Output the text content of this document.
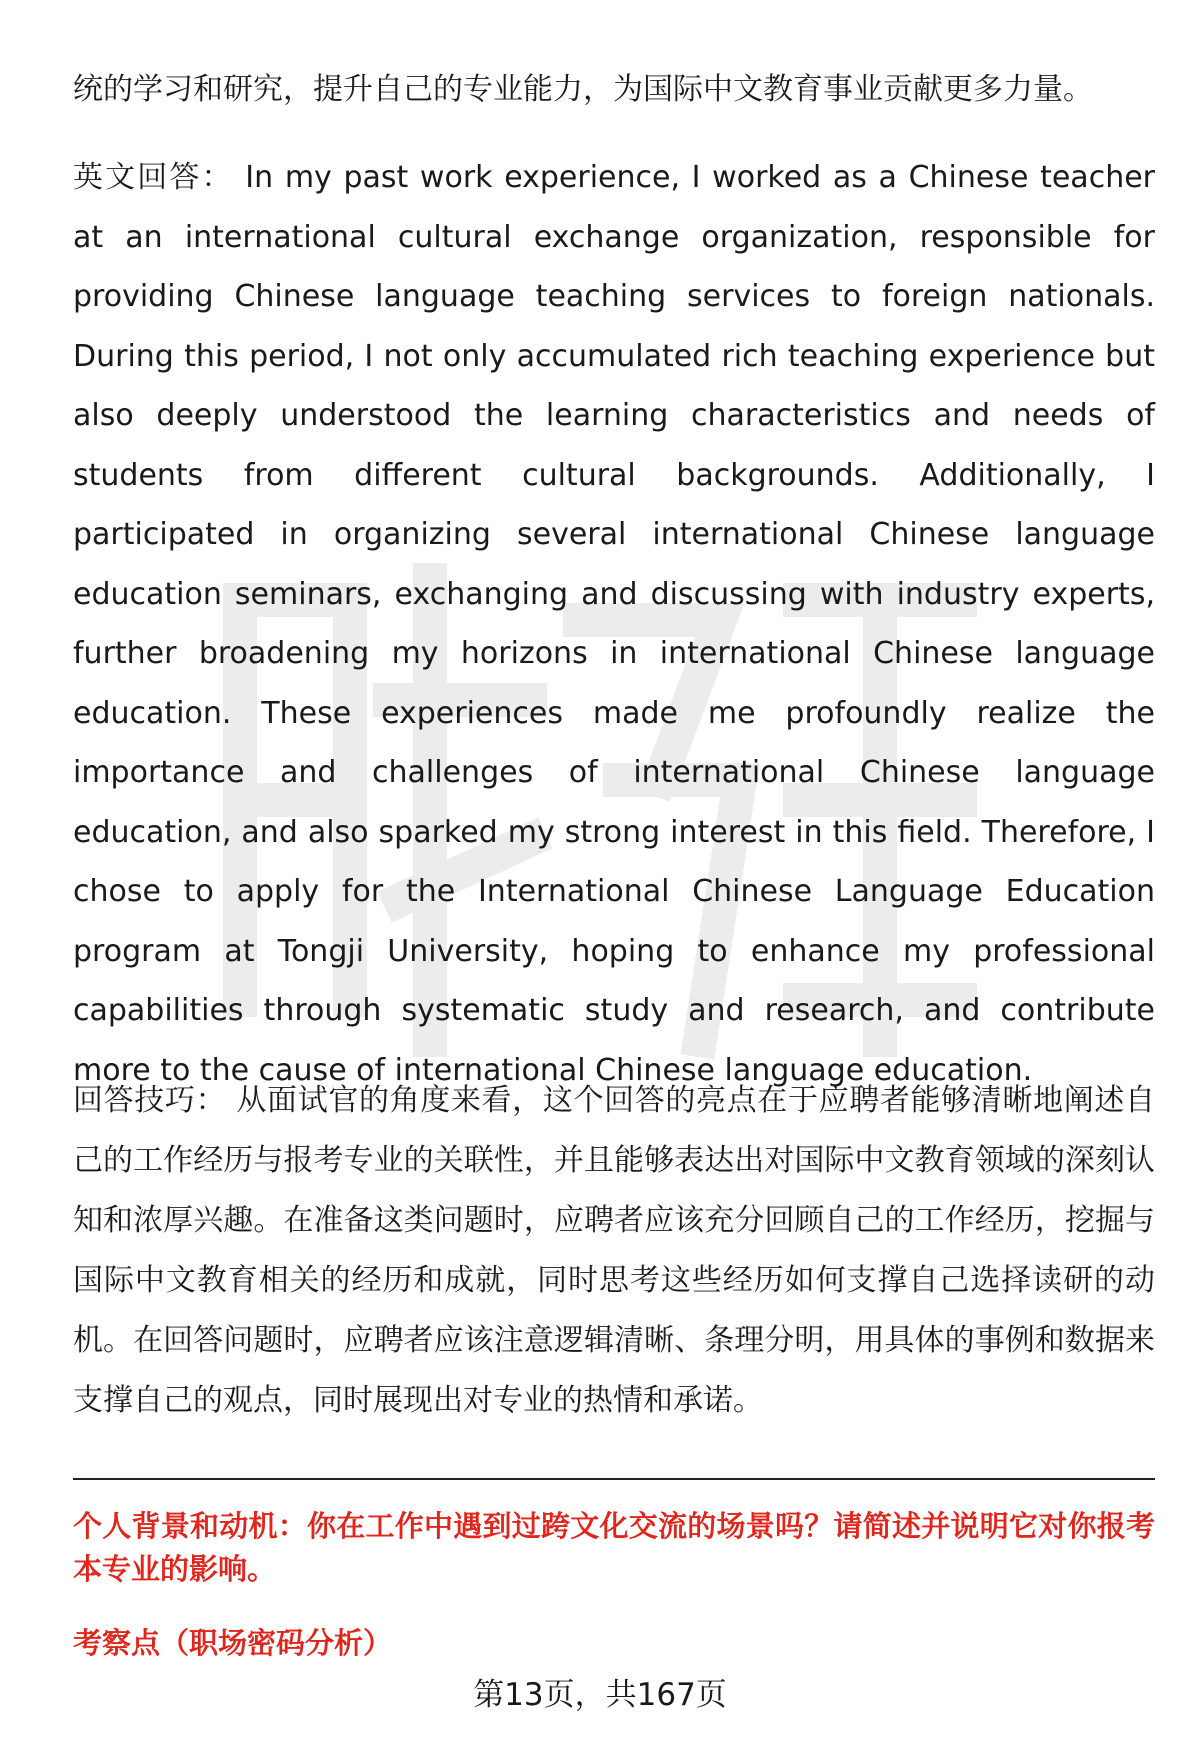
统的学习和研究，提升自己的专业能力，为国际中文教育事业贡献更多力量。

英文回答： In my past work experience, I worked as a Chinese teacher at an international cultural exchange organization, responsible for providing Chinese language teaching services to foreign nationals. During this period, I not only accumulated rich teaching experience but also deeply understood the learning characteristics and needs of students from different cultural backgrounds. Additionally, I participated in organizing several international Chinese language education seminars, exchanging and discussing with industry experts, further broadening my horizons in international Chinese language education. These experiences made me profoundly realize the importance and challenges of international Chinese language education, and also sparked my strong interest in this field. Therefore, I chose to apply for the International Chinese Language Education program at Tongji University, hoping to enhance my professional capabilities through systematic study and research, and contribute more to the cause of international Chinese language education.

回答技巧： 从面试官的角度来看，这个回答的亮点在于应聘者能够清晰地阐述自己的工作经历与报考专业的关联性，并且能够表达出对国际中文教育领域的深刻认知和浓厚兴趣。在准备这类问题时，应聘者应该充分回顾自己的工作经历，挖掘与国际中文教育相关的经历和成就，同时思考这些经历如何支撑自己选择读研的动机。在回答问题时，应聘者应该注意逻辑清晰、条理分明，用具体的事例和数据来支撑自己的观点，同时展现出对专业的热情和承诺。

个人背景和动机：你在工作中遇到过跨文化交流的场景吗？请简述并说明它对你报考本专业的影响。

考察点（职场密码分析）

第13页，共167页
